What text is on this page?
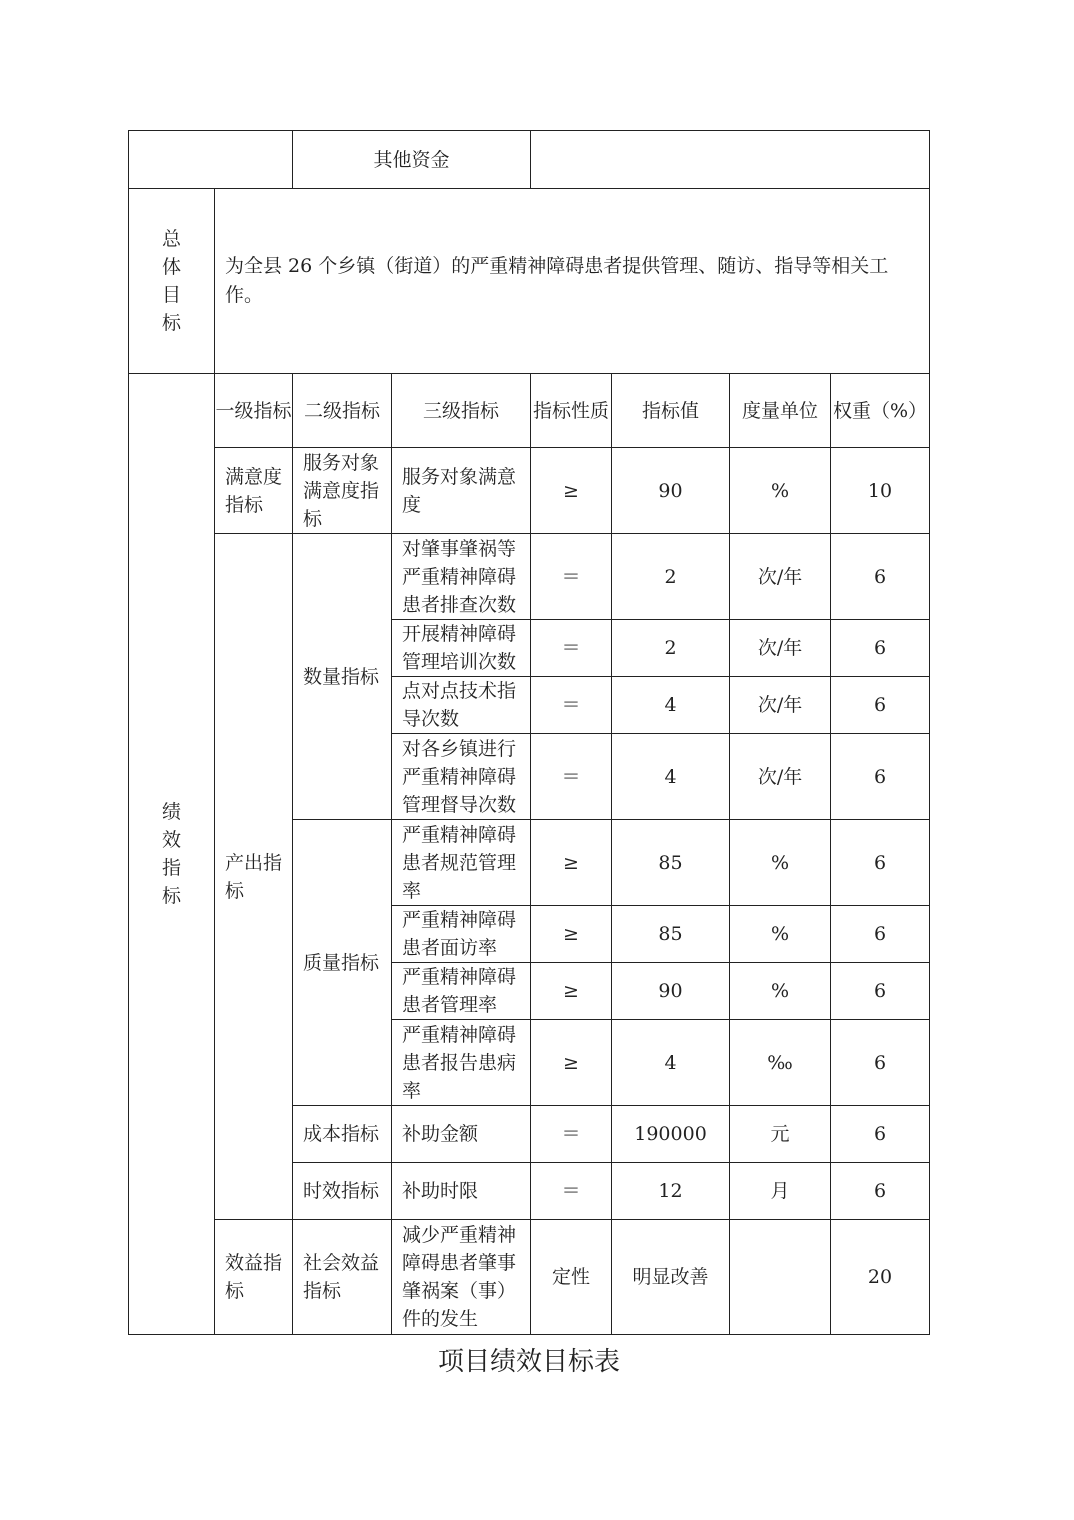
		其他资金					

总
体
目
标	为全县 26 个乡镇（街道）的严重精神障碍患者提供管理、随访、指导等相关工作。						

绩
效
指
标	一级指标	二级指标	三级指标	指标性质	指标值	度量单位	权重（%）
	满意度指标	服务对象满意度指标	服务对象满意度	≥	90	%	10
	产出指标	数量指标	对肇事肇祸等严重精神障碍患者排查次数	＝	2	次/年	6
			开展精神障碍管理培训次数	＝	2	次/年	6
			点对点技术指导次数	＝	4	次/年	6
			对各乡镇进行严重精神障碍管理督导次数	＝	4	次/年	6
		质量指标	严重精神障碍患者规范管理率	≥	85	%	6
			严重精神障碍患者面访率	≥	85	%	6
			严重精神障碍患者管理率	≥	90	%	6
			严重精神障碍患者报告患病率	≥	4	‰	6
		成本指标	补助金额	＝	190000	元	6
		时效指标	补助时限	＝	12	月	6
	效益指标	社会效益指标	减少严重精神障碍患者肇事肇祸案（事）件的发生	定性	明显改善		20
项目绩效目标表
